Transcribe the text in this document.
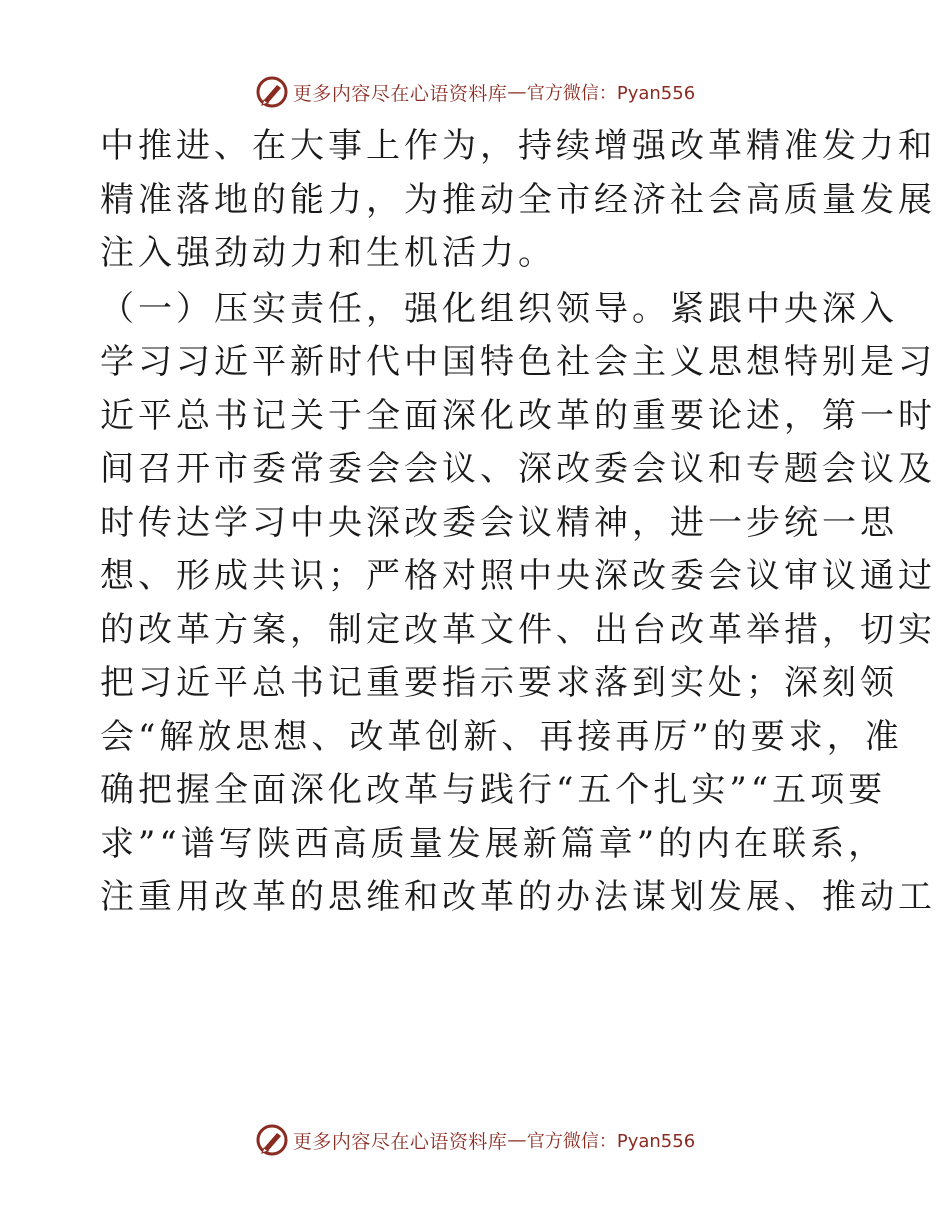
更多内容尽在心语资料库 — 官方微信：Pyan556
中推进、在大事上作为，持续增强改革精准发力和
精准落地的能力，为推动全市经济社会高质量发展
注入强劲动力和生机活力。
（一）压实责任，强化组织领导。紧跟中央深入
学习习近平新时代中国特色社会主义思想特别是习
近平总书记关于全面深化改革的重要论述，第一时
间召开市委常委会会议、深改委会议和专题会议及
时传达学习中央深改委会议精神，进一步统一思
想、形成共识；严格对照中央深改委会议审议通过
的改革方案，制定改革文件、出台改革举措，切实
把习近平总书记重要指示要求落到实处；深刻领
会“解放思想、改革创新、再接再厉”的要求，准
确把握全面深化改革与践行“五个扎实”“五项要
求”“谱写陕西高质量发展新篇章”的内在联系，
注重用改革的思维和改革的办法谋划发展、推动工
更多内容尽在心语资料库 — 官方微信：Pyan556
